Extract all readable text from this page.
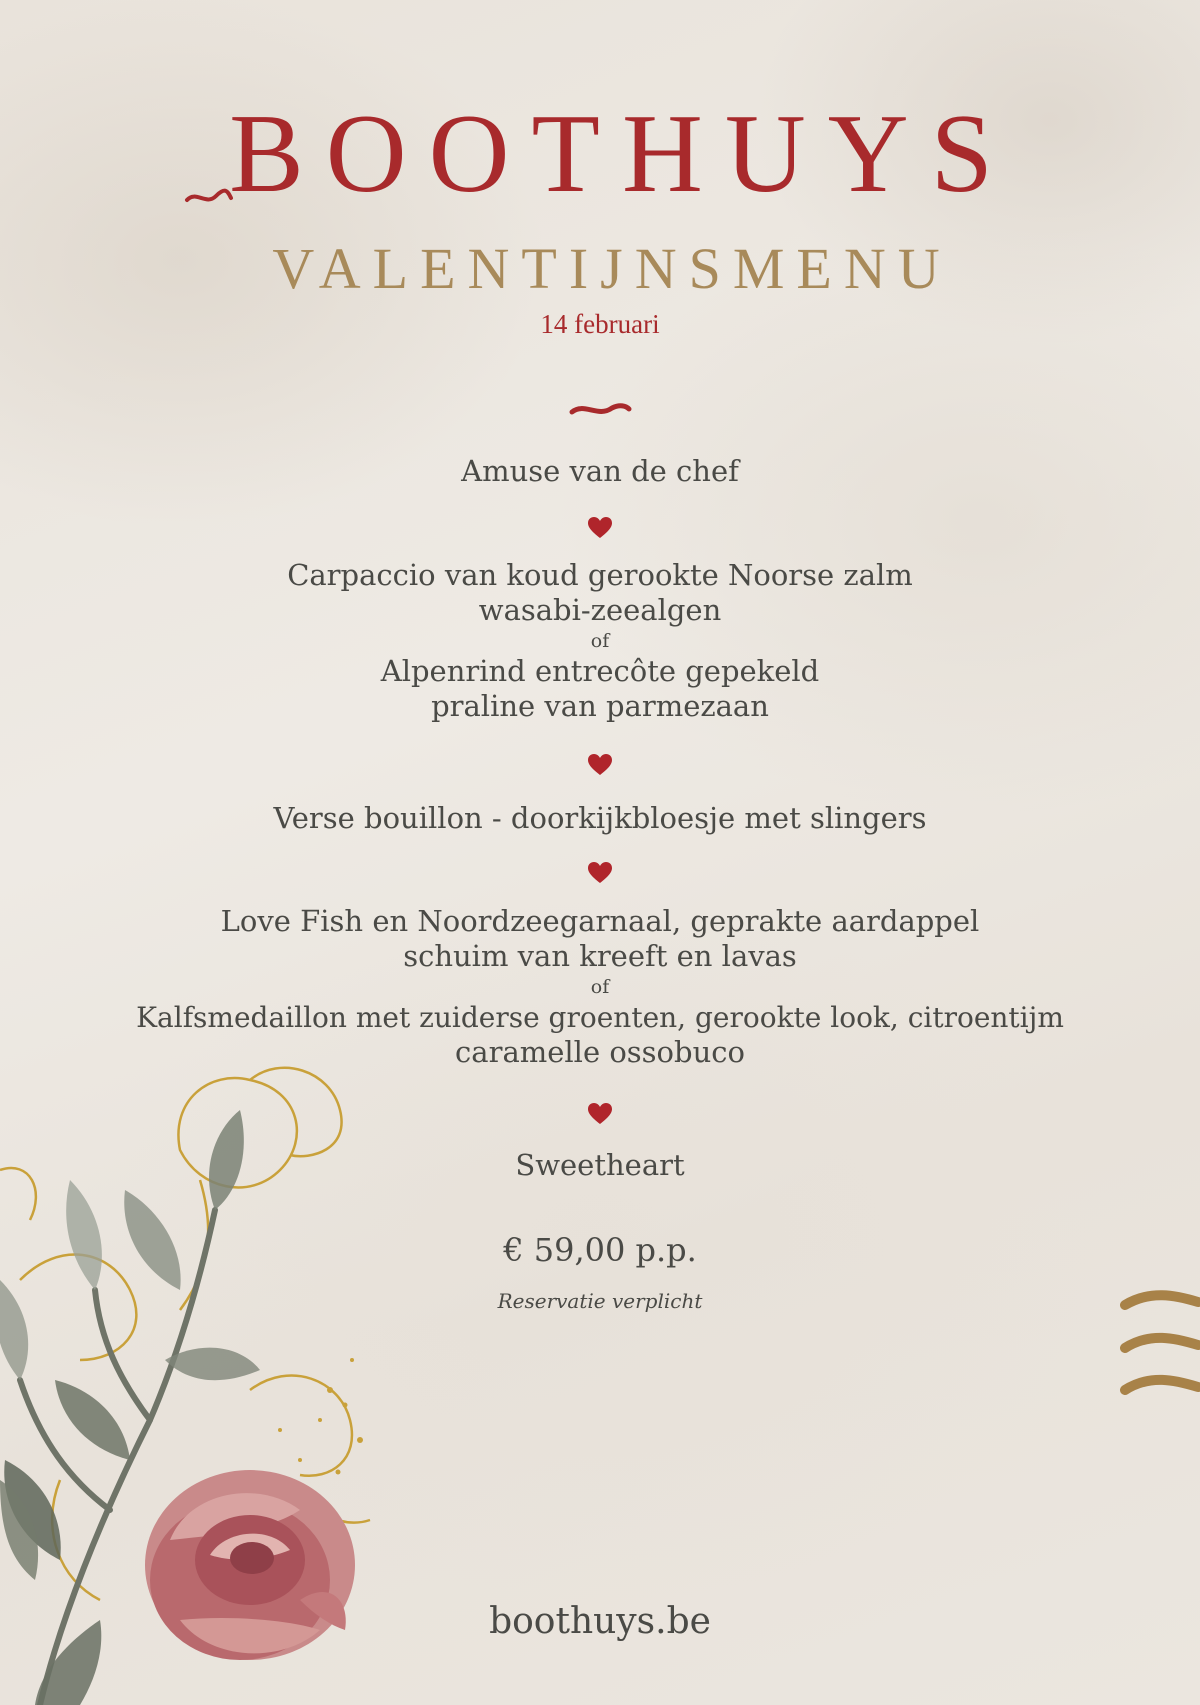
BOOTHUYS
VALENTIJNSMENU
14 februari
Amuse van de chef
Carpaccio van koud gerookte Noorse zalm
wasabi-zeealgen
of
Alpenrind entrecôte gepekeld
praline van parmezaan
Verse bouillon - doorkijkbloesje met slingers
Love Fish en Noordzeegarnaal, geprakte aardappel
schuim van kreeft en lavas
of
Kalfsmedaillon met zuiderse groenten, gerookte look, citroentijm
caramelle ossobuco
Sweetheart
€ 59,00 p.p.
Reservatie verplicht
boothuys.be
